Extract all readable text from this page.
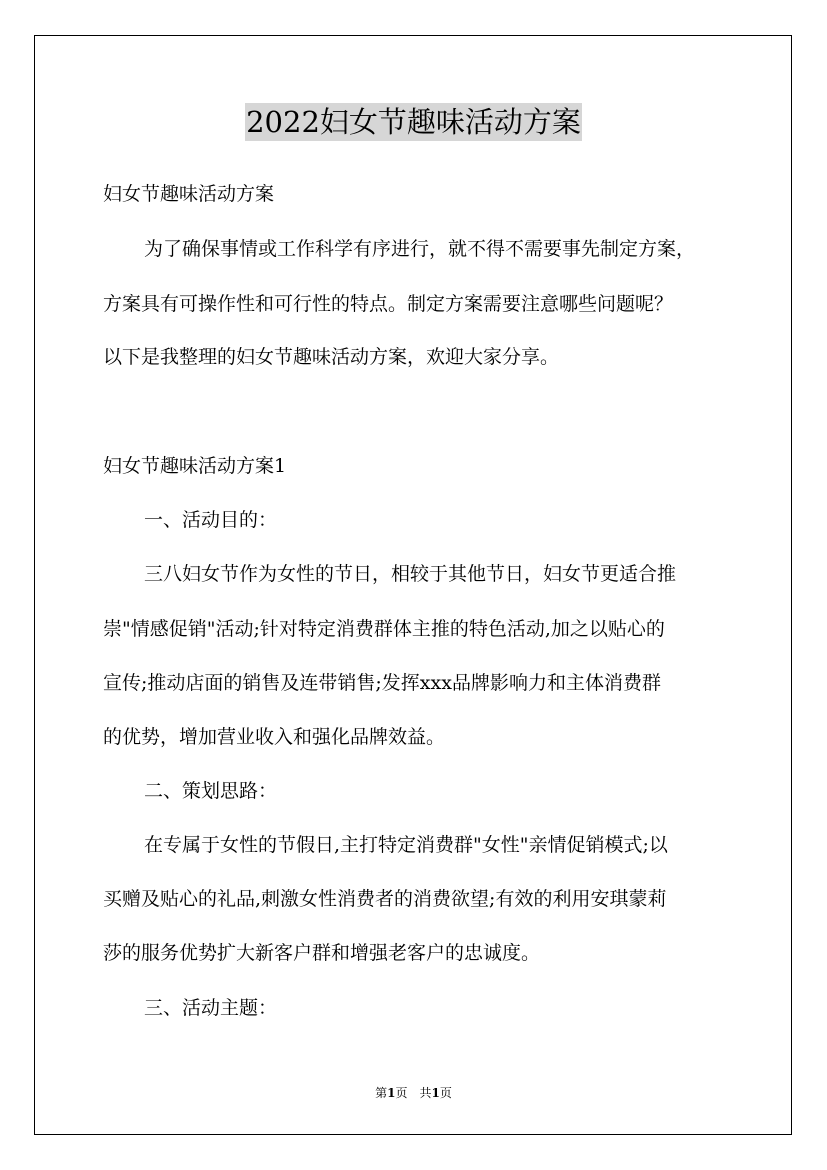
2022妇女节趣味活动方案
妇女节趣味活动方案
为了确保事情或工作科学有序进行，就不得不需要事先制定方案，
方案具有可操作性和可行性的特点。制定方案需要注意哪些问题呢？
以下是我整理的妇女节趣味活动方案，欢迎大家分享。
妇女节趣味活动方案1
一、活动目的：
三八妇女节作为女性的节日，相较于其他节日，妇女节更适合推
崇"情感促销"活动;针对特定消费群体主推的特色活动,加之以贴心的
宣传;推动店面的销售及连带销售;发挥xxx品牌影响力和主体消费群
的优势，增加营业收入和强化品牌效益。
二、策划思路：
在专属于女性的节假日,主打特定消费群"女性"亲情促销模式;以
买赠及贴心的礼品,刺激女性消费者的消费欲望;有效的利用安琪蒙莉
莎的服务优势扩大新客户群和增强老客户的忠诚度。
三、活动主题：
第1页　共1页
